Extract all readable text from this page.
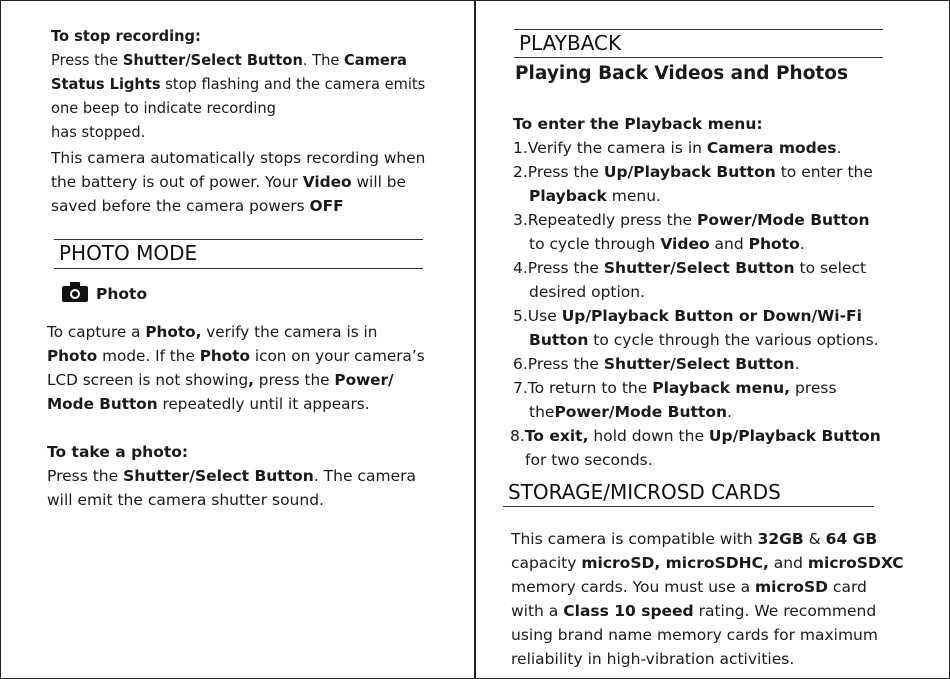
To stop recording:

Press the Shutter/Select Button. The Camera

Status Lights stop flashing and the camera emits

one beep to indicate recording

has stopped.

This camera automatically stops recording when

the battery is out of power. Your Video will be

saved before the camera powers OFF

PHOTO MODE
Photo

To capture a Photo, verify the camera is in

Photo mode. If the Photo icon on your camera’s

LCD screen is not showing, press the Power/

Mode Button repeatedly until it appears.

To take a photo:

Press the Shutter/Select Button. The camera

will emit the camera shutter sound.

PLAYBACK
Playing Back Videos and Photos

To enter the Playback menu:

1.Verify the camera is in Camera modes.

2.Press the Up/Playback Button to enter the

Playback menu.

3.Repeatedly press the Power/Mode Button

to cycle through Video and Photo.

4.Press the Shutter/Select Button to select

desired option.

5.Use Up/Playback Button or Down/Wi-Fi

Button to cycle through the various options.

6.Press the Shutter/Select Button.

7.To return to the Playback menu, press

thePower/Mode Button.

8.To exit, hold down the Up/Playback Button

for two seconds.

STORAGE/MICROSD CARDS

This camera is compatible with 32GB & 64 GB

capacity microSD, microSDHC, and microSDXC

memory cards. You must use a microSD card

with a Class 10 speed rating. We recommend

using brand name memory cards for maximum

reliability in high-vibration activities.
